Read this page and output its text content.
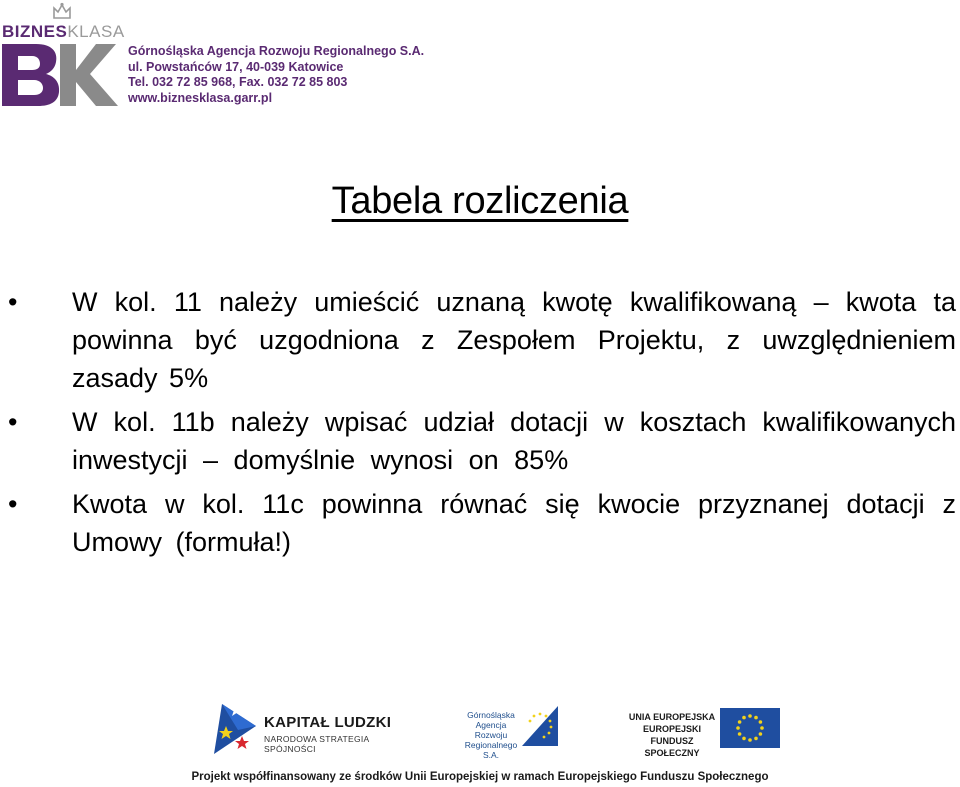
BIZNESKLASA
Górnośląska Agencja Rozwoju Regionalnego S.A.
ul. Powstańców 17, 40-039 Katowice
Tel. 032 72 85 968, Fax. 032 72 85 803
www.biznesklasa.garr.pl
Tabela rozliczenia
• W kol. 11 należy umieścić uznaną kwotę kwalifikowaną – kwota ta powinna być uzgodniona z Zespołem Projektu, z uwzględnieniem zasady 5%
• W kol. 11b należy wpisać udział dotacji w kosztach kwalifikowanych inwestycji – domyślnie wynosi on 85%
• Kwota w kol. 11c powinna równać się kwocie przyznanej dotacji z Umowy (formuła!)
KAPITAŁ LUDZKI
NARODOWA STRATEGIA SPÓJNOŚCI
Górnośląska
Agencja Rozwoju
Regionalnego S.A.
UNIA EUROPEJSKA
EUROPEJSKI
FUNDUSZ SPOŁECZNY
Projekt współfinansowany ze środków Unii Europejskiej w ramach Europejskiego Funduszu Społecznego
